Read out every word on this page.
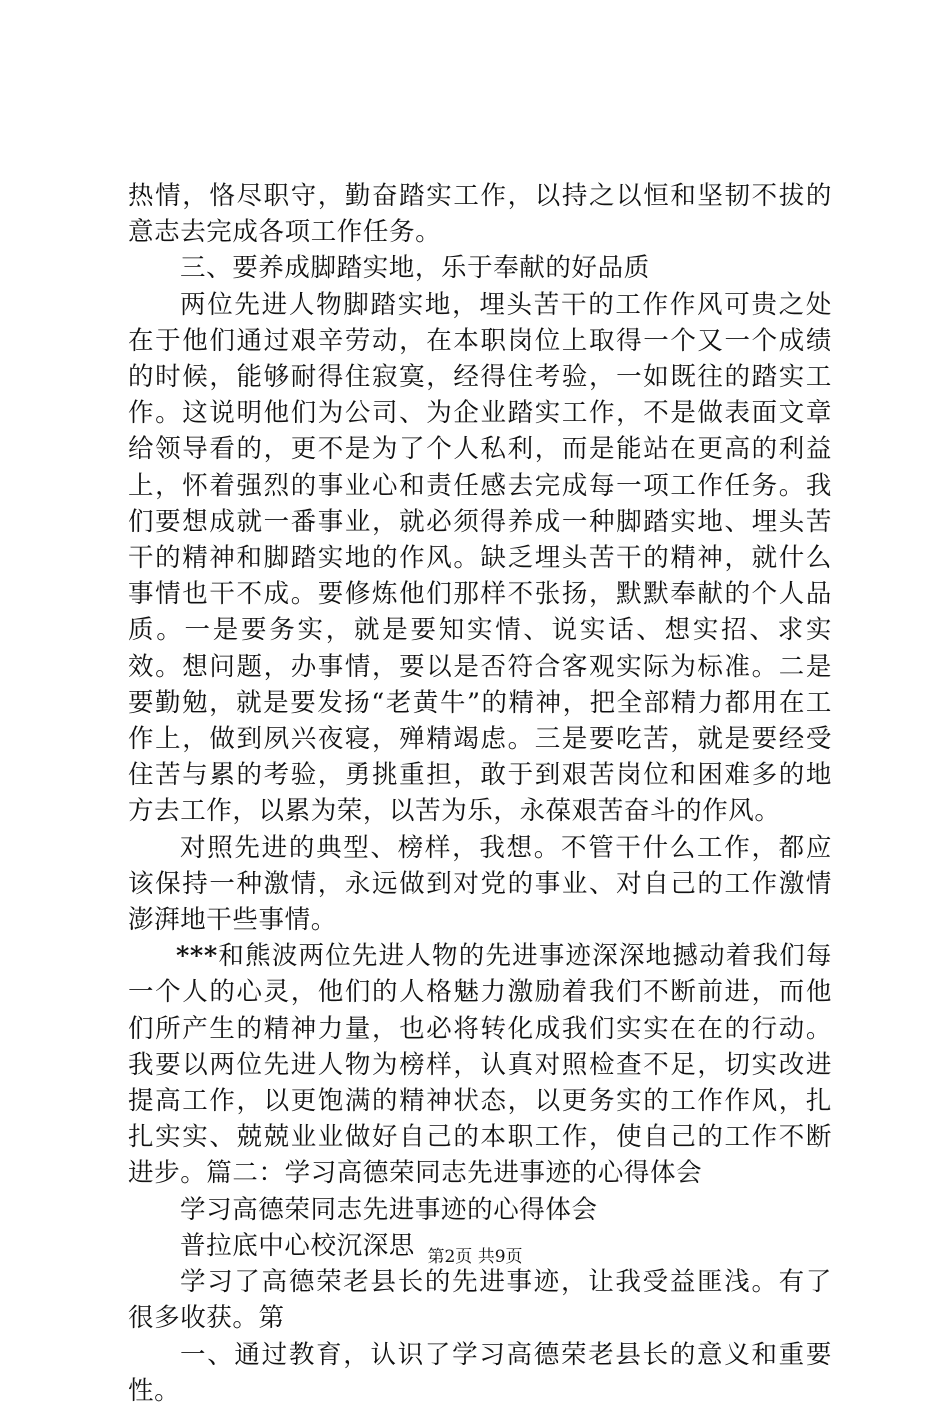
热情，恪尽职守，勤奋踏实工作，以持之以恒和坚韧不拔的意志去完成各项工作任务。

三、要养成脚踏实地，乐于奉献的好品质

两位先进人物脚踏实地，埋头苦干的工作作风可贵之处在于他们通过艰辛劳动，在本职岗位上取得一个又一个成绩的时候，能够耐得住寂寞，经得住考验，一如既往的踏实工作。这说明他们为公司、为企业踏实工作，不是做表面文章给领导看的，更不是为了个人私利，而是能站在更高的利益上，怀着强烈的事业心和责任感去完成每一项工作任务。我们要想成就一番事业，就必须得养成一种脚踏实地、埋头苦干的精神和脚踏实地的作风。缺乏埋头苦干的精神，就什么事情也干不成。要修炼他们那样不张扬，默默奉献的个人品质。一是要务实，就是要知实情、说实话、想实招、求实效。想问题，办事情，要以是否符合客观实际为标准。二是要勤勉，就是要发扬“老黄牛”的精神，把全部精力都用在工作上，做到夙兴夜寝，殚精竭虑。三是要吃苦，就是要经受住苦与累的考验，勇挑重担，敢于到艰苦岗位和困难多的地方去工作，以累为荣，以苦为乐，永葆艰苦奋斗的作风。

对照先进的典型、榜样，我想。不管干什么工作，都应该保持一种激情，永远做到对党的事业、对自己的工作激情澎湃地干些事情。

***和熊波两位先进人物的先进事迹深深地撼动着我们每一个人的心灵，他们的人格魅力激励着我们不断前进，而他们所产生的精神力量，也必将转化成我们实实在在的行动。我要以两位先进人物为榜样，认真对照检查不足，切实改进提高工作，以更饱满的精神状态，以更务实的工作作风，扎扎实实、兢兢业业做好自己的本职工作，使自己的工作不断进步。篇二：学习高德荣同志先进事迹的心得体会

学习高德荣同志先进事迹的心得体会

普拉底中心校沉深思

学习了高德荣老县长的先进事迹，让我受益匪浅。有了很多收获。第

一、通过教育，认识了学习高德荣老县长的意义和重要性。

第2页 共9页
